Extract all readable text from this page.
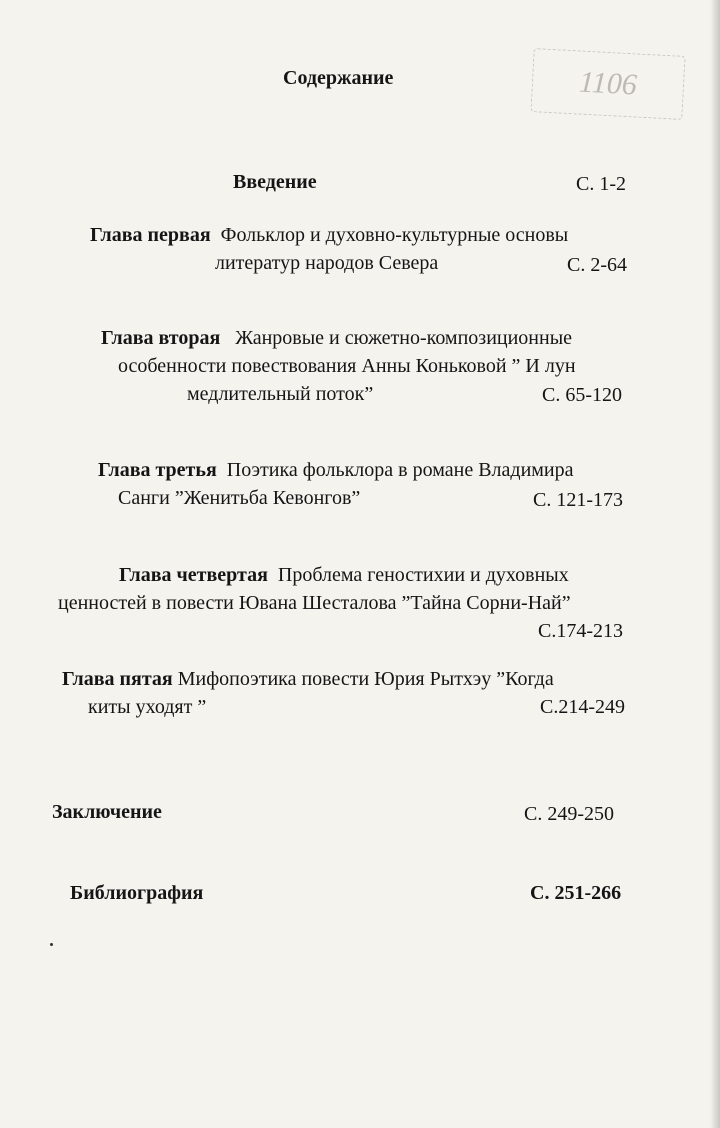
1106
Содержание
Введение	С. 1-2
Глава первая Фольклор и духовно-культурные основы
литератур народов Севера	С. 2-64
Глава вторая Жанровые и сюжетно-композиционные
особенности повествования Анны Коньковой ” И лун
медлительный поток”	С. 65-120
Глава третья Поэтика фольклора в романе Владимира
Санги ”Женитьба Кевонгов”	С. 121-173
Глава четвертая Проблема геностихии и духовных
ценностей в повести Ювана Шесталова ”Тайна Сорни-Най”
С.174-213
Глава пятая Мифопоэтика повести Юрия Рытхэу ”Когда
киты уходят ”	С.214-249
Заключение	С. 249-250
Библиография	С. 251-266
